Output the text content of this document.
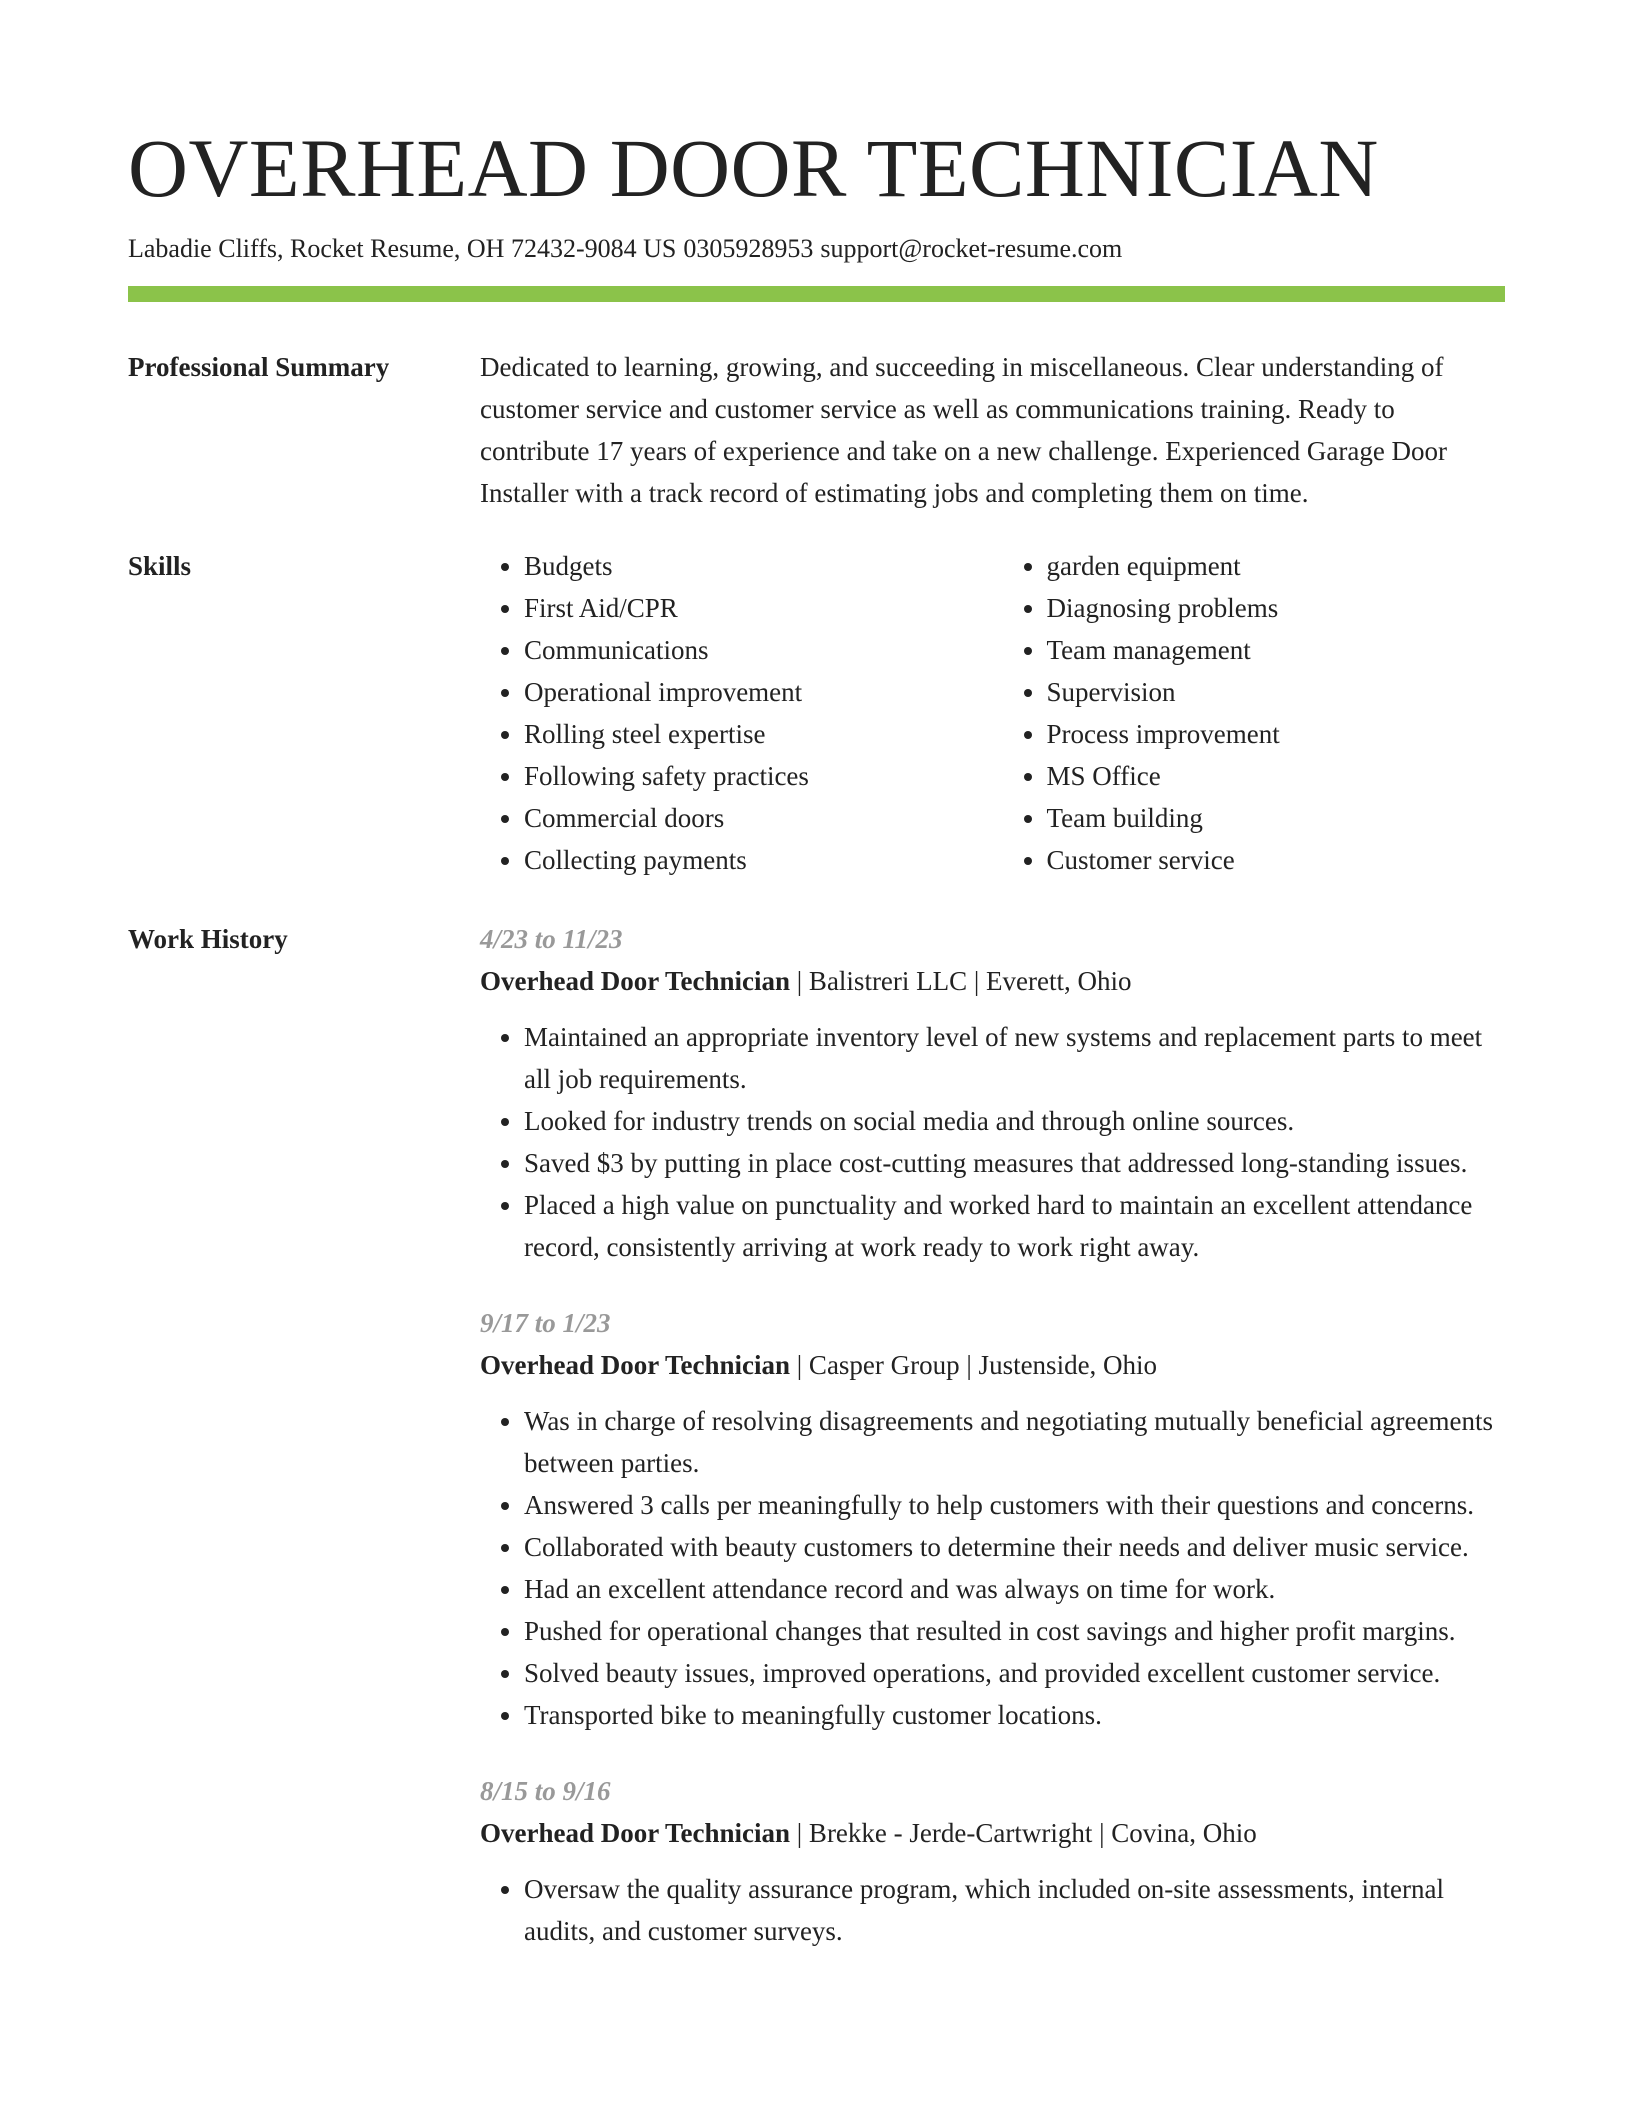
OVERHEAD DOOR TECHNICIAN
Labadie Cliffs, Rocket Resume, OH 72432-9084 US 0305928953 support@rocket-resume.com
Professional Summary	Dedicated to learning, growing, and succeeding in miscellaneous. Clear understanding of customer service and customer service as well as communications training. Ready to contribute 17 years of experience and take on a new challenge. Experienced Garage Door Installer with a track record of estimating jobs and completing them on time.

Skills
•	Budgets
• First Aid/CPR
• Communications
• Operational improvement
• Rolling steel expertise
• Following safety practices
• Commercial doors
• Collecting payments
• garden equipment
• Diagnosing problems
• Team management
• Supervision
• Process improvement
• MS Office
• Team building
• Customer service
Work History	4/23 to 11/23
Overhead Door Technician | Balistreri LLC | Everett, Ohio
• Maintained an appropriate inventory level of new systems and replacement parts to meet all job requirements.
• Looked for industry trends on social media and through online sources.
• Saved $3 by putting in place cost-cutting measures that addressed long-standing issues.
• Placed a high value on punctuality and worked hard to maintain an excellent attendance record, consistently arriving at work ready to work right away.
9/17 to 1/23
Overhead Door Technician | Casper Group | Justenside, Ohio
• Was in charge of resolving disagreements and negotiating mutually beneficial agreements between parties.
• Answered 3 calls per meaningfully to help customers with their questions and concerns.
• Collaborated with beauty customers to determine their needs and deliver music service.
• Had an excellent attendance record and was always on time for work.
• Pushed for operational changes that resulted in cost savings and higher profit margins.
• Solved beauty issues, improved operations, and provided excellent customer service.
• Transported bike to meaningfully customer locations.
8/15 to 9/16
Overhead Door Technician | Brekke - Jerde-Cartwright | Covina, Ohio
• Oversaw the quality assurance program, which included on-site assessments, internal audits, and customer surveys.
